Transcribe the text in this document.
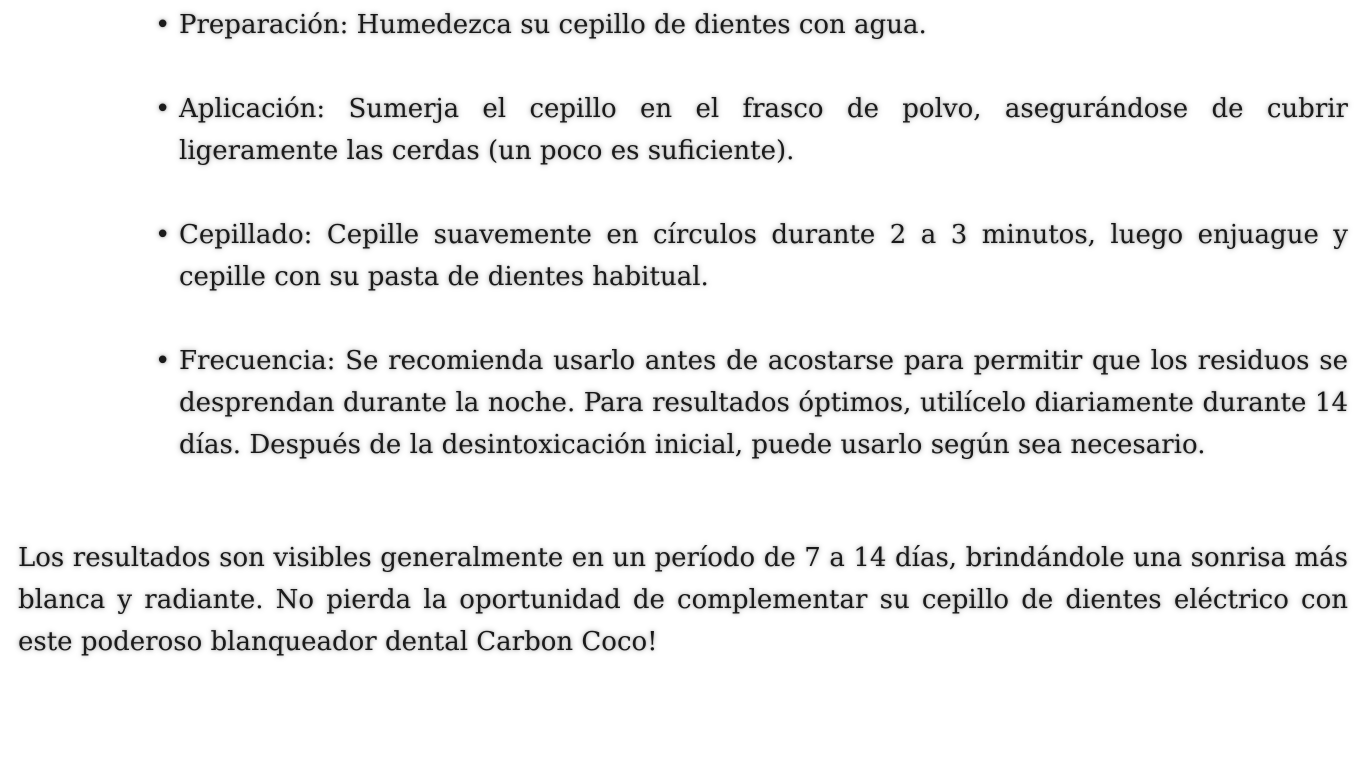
• Preparación: Humedezca su cepillo de dientes con agua.
• Aplicación: Sumerja el cepillo en el frasco de polvo, asegurándose de cubrir ligeramente las cerdas (un poco es suficiente).
• Cepillado: Cepille suavemente en círculos durante 2 a 3 minutos, luego enjuague y cepille con su pasta de dientes habitual.
• Frecuencia: Se recomienda usarlo antes de acostarse para permitir que los residuos se desprendan durante la noche. Para resultados óptimos, utilícelo diariamente durante 14 días. Después de la desintoxicación inicial, puede usarlo según sea necesario.

Los resultados son visibles generalmente en un período de 7 a 14 días, brindándole una sonrisa más blanca y radiante. No pierda la oportunidad de complementar su cepillo de dientes eléctrico con este poderoso blanqueador dental Carbon Coco!
